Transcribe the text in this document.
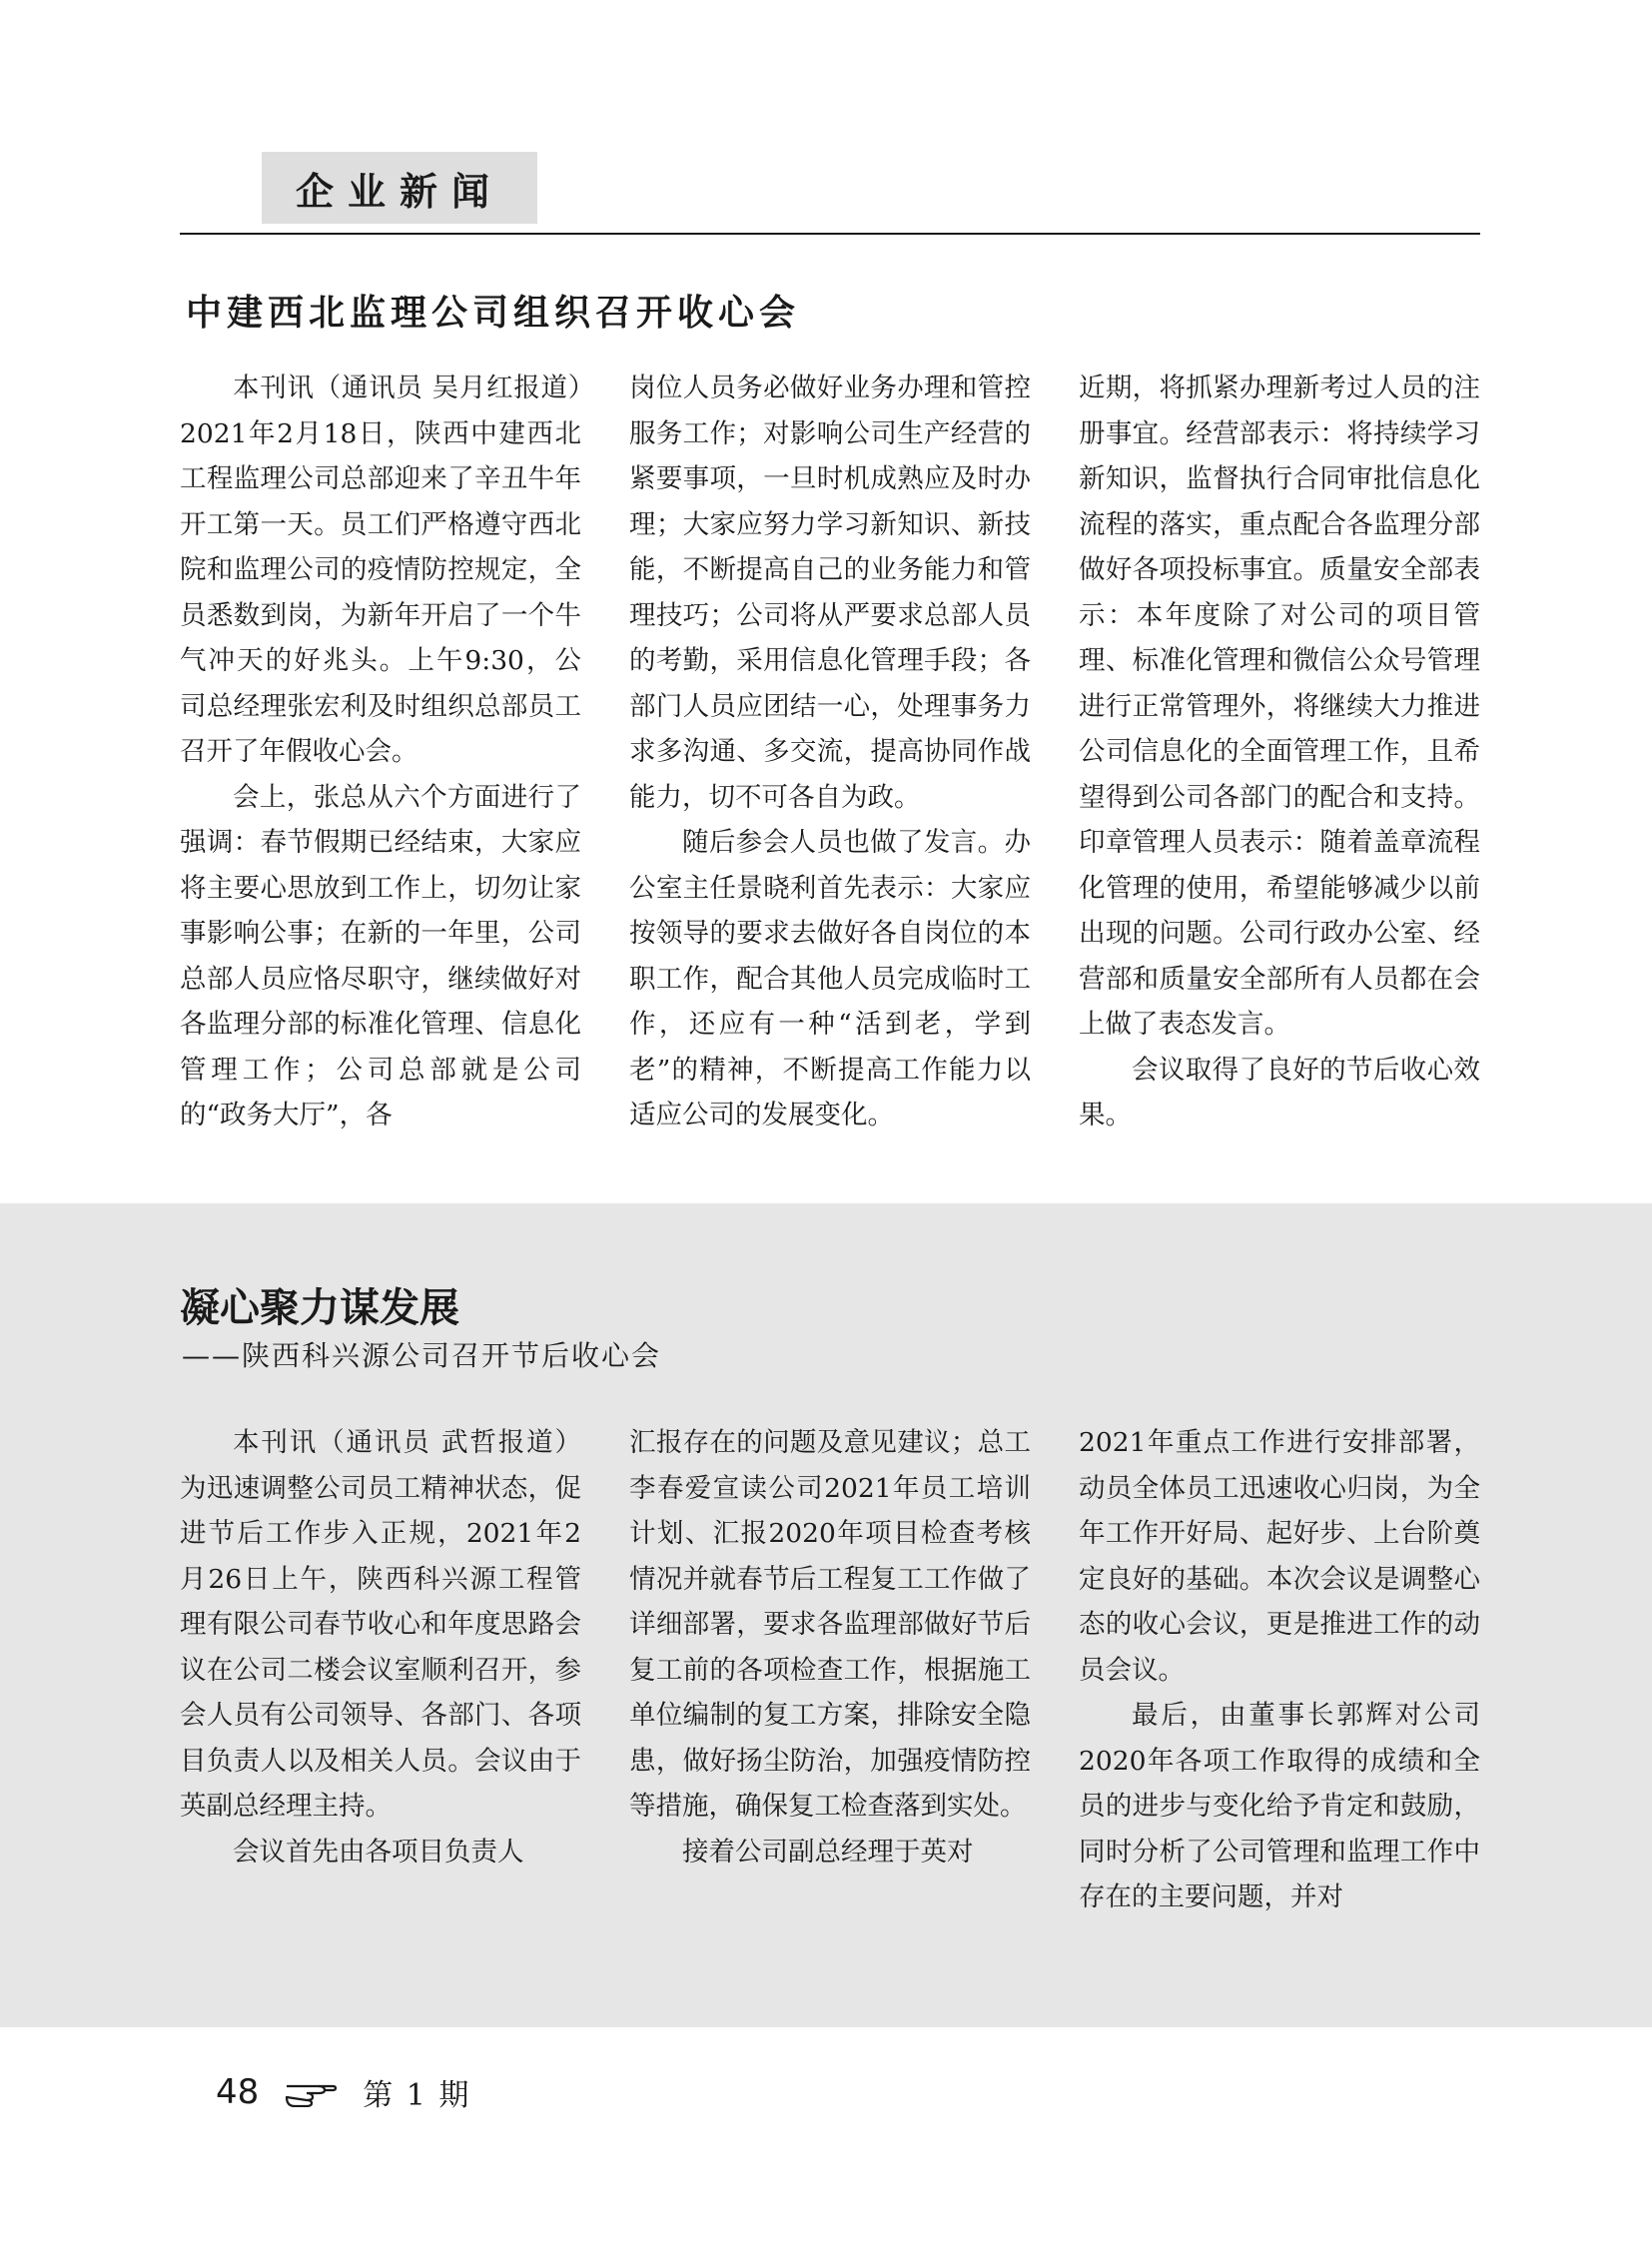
企业新闻
中建西北监理公司组织召开收心会

本刊讯（通讯员 吴月红报道）2021年2月18日，陕西中建西北工程监理公司总部迎来了辛丑牛年开工第一天。员工们严格遵守西北院和监理公司的疫情防控规定，全员悉数到岗，为新年开启了一个牛气冲天的好兆头。上午9:30，公司总经理张宏利及时组织总部员工召开了年假收心会。

会上，张总从六个方面进行了强调：春节假期已经结束，大家应将主要心思放到工作上，切勿让家事影响公事；在新的一年里，公司总部人员应恪尽职守，继续做好对各监理分部的标准化管理、信息化管理工作；公司总部就是公司的“政务大厅”，各

岗位人员务必做好业务办理和管控服务工作；对影响公司生产经营的紧要事项，一旦时机成熟应及时办理；大家应努力学习新知识、新技能，不断提高自己的业务能力和管理技巧；公司将从严要求总部人员的考勤，采用信息化管理手段；各部门人员应团结一心，处理事务力求多沟通、多交流，提高协同作战能力，切不可各自为政。

随后参会人员也做了发言。办公室主任景晓利首先表示：大家应按领导的要求去做好各自岗位的本职工作，配合其他人员完成临时工作，还应有一种“活到老，学到老”的精神，不断提高工作能力以适应公司的发展变化。

近期，将抓紧办理新考过人员的注册事宜。经营部表示：将持续学习新知识，监督执行合同审批信息化流程的落实，重点配合各监理分部做好各项投标事宜。质量安全部表示：本年度除了对公司的项目管理、标准化管理和微信公众号管理进行正常管理外，将继续大力推进公司信息化的全面管理工作，且希望得到公司各部门的配合和支持。印章管理人员表示：随着盖章流程化管理的使用，希望能够减少以前出现的问题。公司行政办公室、经营部和质量安全部所有人员都在会上做了表态发言。

会议取得了良好的节后收心效果。

凝心聚力谋发展
——陕西科兴源公司召开节后收心会

本刊讯（通讯员 武哲报道）为迅速调整公司员工精神状态，促进节后工作步入正规，2021年2月26日上午，陕西科兴源工程管理有限公司春节收心和年度思路会议在公司二楼会议室顺利召开，参会人员有公司领导、各部门、各项目负责人以及相关人员。会议由于英副总经理主持。

会议首先由各项目负责人

汇报存在的问题及意见建议；总工李春爱宣读公司2021年员工培训计划、汇报2020年项目检查考核情况并就春节后工程复工工作做了详细部署，要求各监理部做好节后复工前的各项检查工作，根据施工单位编制的复工方案，排除安全隐患，做好扬尘防治，加强疫情防控等措施，确保复工检查落到实处。

接着公司副总经理于英对

2021年重点工作进行安排部署，动员全体员工迅速收心归岗，为全年工作开好局、起好步、上台阶奠定良好的基础。本次会议是调整心态的收心会议，更是推进工作的动员会议。

最后，由董事长郭辉对公司2020年各项工作取得的成绩和全员的进步与变化给予肯定和鼓励，同时分析了公司管理和监理工作中存在的主要问题，并对

48	第 1 期
